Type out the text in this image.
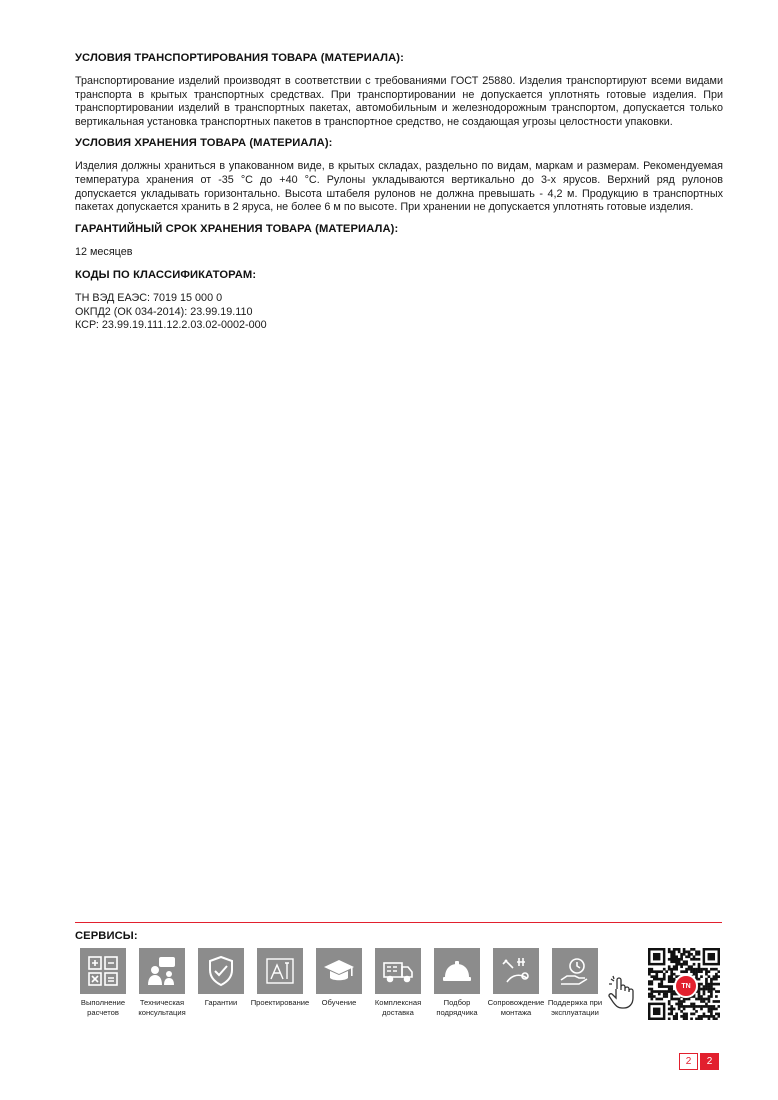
УСЛОВИЯ ТРАНСПОРТИРОВАНИЯ ТОВАРА (МАТЕРИАЛА):

Транспортирование изделий производят в соответствии с требованиями ГОСТ 25880. Изделия транспортируют всеми видами транспорта в крытых транспортных средствах. При транспортировании не допускается уплотнять готовые изделия. При транспортировании изделий в транспортных пакетах, автомобильным и железнодорожным транспортом, допускается только вертикальная установка транспортных пакетов в транспортное средство, не создающая угрозы целостности упаковки.

УСЛОВИЯ ХРАНЕНИЯ ТОВАРА (МАТЕРИАЛА):

Изделия должны храниться в упакованном виде, в крытых складах, раздельно по видам, маркам и размерам. Рекомендуемая температура хранения от -35 °С до +40 °С. Рулоны укладываются вертикально до 3-х ярусов. Верхний ряд рулонов допускается укладывать горизонтально. Высота штабеля рулонов не должна превышать - 4,2 м. Продукцию в транспортных пакетах допускается хранить в 2 яруса, не более 6 м по высоте. При хранении не допускается уплотнять готовые изделия.

ГАРАНТИЙНЫЙ СРОК ХРАНЕНИЯ ТОВАРА (МАТЕРИАЛА):

12 месяцев

КОДЫ ПО КЛАССИФИКАТОРАМ:
ТН ВЭД ЕАЭС: 7019 15 000 0
ОКПД2 (ОК 034-2014): 23.99.19.110
КСР: 23.99.19.111.12.2.03.02-0002-000
СЕРВИСЫ:
Выполнение расчетов
Техническая консультация
Гарантии	Проектирование	Обучение	Комплексная доставка
Подбор подрядчика
Сопровождение монтажа
Поддержка при эксплуатации
TN
2	2
